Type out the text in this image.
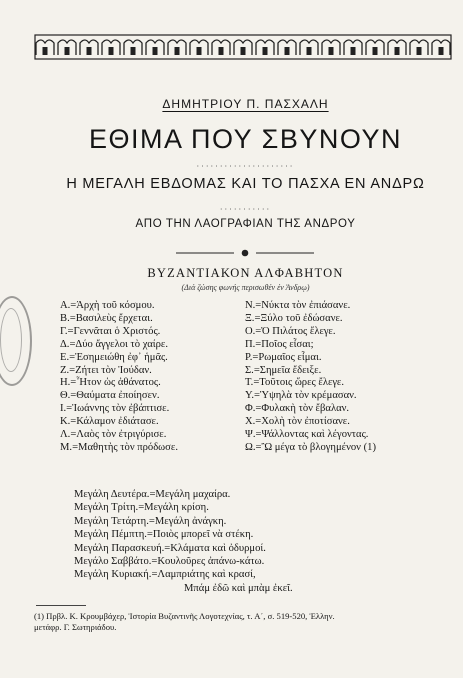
ΔΗΜΗΤΡΙΟΥ Π. ΠΑΣΧΑΛΗ
ΕΘΙΜΑ ΠΟΥ ΣΒΥΝΟΥΝ
·····················
Η ΜΕΓΑΛΗ ΕΒΔΟΜΑΣ ΚΑΙ ΤΟ ΠΑΣΧΑ ΕΝ ΑΝΔΡΩ
···········
ΑΠΟ ΤΗΝ ΛΑΟΓΡΑΦΙΑΝ ΤΗΣ ΑΝΔΡΟΥ
ΒΥΖΑΝΤΙΑΚΟΝ ΑΛΦΑΒΗΤΟΝ
(Διά ζώσης φωνής περισωθέν έν Άνδρῳ)
Α.=Άρχὴ τοῦ κόσμου.
Β.=Βασιλεὺς ἔρχεται.
Γ.=Γεννᾶται ὁ Χριστός.
Δ.=Δύο ἄγγελοι τὸ χαίρε.
Ε.=Ἐσημειώθη ἐφ᾽ ἡμᾶς.
Ζ.=Ζήτει τὸν Ἰούδαν.
Η.=Ἦτον ὡς ἀθάνατος.
Θ.=Θαύματα ἐποίησεν.
Ι.=Ἰωάννης τὸν ἐβάπτισε.
Κ.=Κάλαμον ἐδιάτασε.
Λ.=Λαὸς τὸν ἐτριγύρισε.
Μ.=Μαθητὴς τὸν πρόδωσε.
Ν.=Νύκτα τὸν ἐπιάσανε.
Ξ.=Ξύλο τοῦ ἐδώσανε.
Ο.=Ὁ Πιλάτος ἔλεγε.
Π.=Ποῖος εἶσαι;
Ρ.=Ρωμαῖος εἶμαι.
Σ.=Σημεῖα ἔδειξε.
Τ.=Τοῦτοις ὥρες ἔλεγε.
Υ.=Ὑψηλὰ τὸν κρέμασαν.
Φ.=Φυλακὴ τὸν ἔβαλαν.
Χ.=Χολὴ τὸν ἐποτίσανε.
Ψ.=Ψάλλοντας καὶ λέγοντας.
Ω.=Ὢ μέγα τὸ βλογημένον (1)
Μεγάλη Δευτέρα.=Μεγάλη μαχαίρα.
Μεγάλη Τρίτη.=Μεγάλη κρίση.
Μεγάλη Τετάρτη.=Μεγάλη ἀνάγκη.
Μεγάλη Πέμπτη.=Ποιὸς μπορεῖ νὰ στέκη.
Μεγάλη Παρασκευή.=Κλάματα καὶ ὀδυρμοί.
Μεγάλο Σαββάτο.=Κουλοῦρες ἀπάνω-κάτω.
Μεγάλη Κυριακή.=Λαμπριάτης καὶ κρασί,
Μπάμ ἐδῶ καὶ μπὰμ ἐκεῖ.
(1) Πρβλ. Κ. Κρουμβάχερ, Ἱστορία Βυζαντινῆς Λογοτεχνίας, τ. Α΄, σ. 519-520, Ἑλλην.
μετάφρ. Γ. Σωτηριάδου.
